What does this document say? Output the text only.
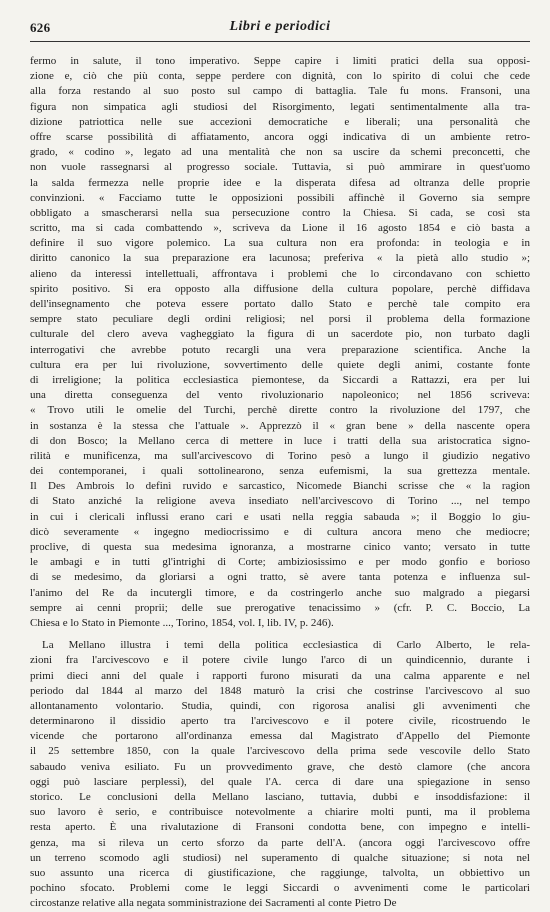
626	Libri e periodici
fermo in salute, il tono imperativo. Seppe capire i limiti pratici della sua opposi-
zione e, ciò che più conta, seppe perdere con dignità, con lo spirito di colui che cede
alla forza restando al suo posto sul campo di battaglia. Tale fu mons. Fransoni, una
figura non simpatica agli studiosi del Risorgimento, legati sentimentalmente alla tra-
dizione patriottica nelle sue accezioni democratiche e liberali; una personalità che
offre scarse possibilità di affiatamento, ancora oggi indicativa di un ambiente retro-
grado, « codino », legato ad una mentalità che non sa uscire da schemi preconcetti, che
non vuole rassegnarsi al progresso sociale. Tuttavia, si può ammirare in quest'uomo
la salda fermezza nelle proprie idee e la disperata difesa ad oltranza delle proprie
convinzioni. « Facciamo tutte le opposizioni possibili affinchè il Governo sia sempre
obbligato a smascherarsi nella sua persecuzione contro la Chiesa. Si cada, se così sta
scritto, ma si cada combattendo », scriveva da Lione il 16 agosto 1854 e ciò basta a
definire il suo vigore polemico. La sua cultura non era profonda: in teologia e in
diritto canonico la sua preparazione era lacunosa; preferiva « la pietà allo studio »;
alieno da interessi intellettuali, affrontava i problemi che lo circondavano con schietto
spirito positivo. Si era opposto alla diffusione della cultura popolare, perchè diffidava
dell'insegnamento che poteva essere portato dallo Stato e perchè tale compito era
sempre stato peculiare degli ordini religiosi; nel porsi il problema della formazione
culturale del clero aveva vagheggiato la figura di un sacerdote pio, non turbato dagli
interrogativi che avrebbe potuto recargli una vera preparazione scientifica. Anche la
cultura era per lui rivoluzione, sovvertimento delle quiete degli animi, costante fonte
di irreligione; la politica ecclesiastica piemontese, da Siccardi a Rattazzi, era per lui
una diretta conseguenza del vento rivoluzionario napoleonico; nel 1856 scriveva:
« Trovo utili le omelie del Turchi, perchè dirette contro la rivoluzione del 1797, che
in sostanza è la stessa che l'attuale ». Apprezzò il « gran bene » della nascente opera
di don Bosco; la Mellano cerca di mettere in luce i tratti della sua aristocratica signo-
rilità e munificenza, ma sull'arcivescovo di Torino pesò a lungo il giudizio negativo
dei contemporanei, i quali sottolinearono, senza eufemismi, la sua grettezza mentale.
Il Des Ambrois lo definì ruvido e sarcastico, Nicomede Bianchi scrisse che « la ragion
di Stato anziché la religione aveva insediato nell'arcivescovo di Torino ..., nel tempo
in cui i clericali influssi erano cari e usati nella reggia sabauda »; il Boggio lo giu-
dicò severamente « ingegno mediocrissimo e di cultura ancora meno che mediocre;
proclive, di questa sua medesima ignoranza, a mostrarne cinico vanto; versato in tutte
le ambagi e in tutti gl'intrighi di Corte; ambiziosissimo e per modo gonfio e borioso
di se medesimo, da gloriarsi a ogni tratto, sè avere tanta potenza e influenza sul-
l'animo del Re da incutergli timore, e da costringerlo anche suo malgrado a piegarsi
sempre ai cenni proprii; delle sue prerogative tenacissimo » (cfr. P. C. Boccio, La
Chiesa e lo Stato in Piemonte ..., Torino, 1854, vol. I, lib. IV, p. 246).
La Mellano illustra i temi della politica ecclesiastica di Carlo Alberto, le rela-
zioni fra l'arcivescovo e il potere civile lungo l'arco di un quindicennio, durante i
primi dieci anni del quale i rapporti furono misurati da una calma apparente e nel
periodo dal 1844 al marzo del 1848 maturò la crisi che costrinse l'arcivescovo al suo
allontanamento volontario. Studia, quindi, con rigorosa analisi gli avvenimenti che
determinarono il dissidio aperto tra l'arcivescovo e il potere civile, ricostruendo le
vicende che portarono all'ordinanza emessa dal Magistrato d'Appello del Piemonte
il 25 settembre 1850, con la quale l'arcivescovo della prima sede vescovile dello Stato
sabaudo veniva esiliato. Fu un provvedimento grave, che destò clamore (che ancora
oggi può lasciare perplessi), del quale l'A. cerca di dare una spiegazione in senso
storico. Le conclusioni della Mellano lasciano, tuttavia, dubbi e insoddisfazione: il
suo lavoro è serio, e contribuisce notevolmente a chiarire molti punti, ma il problema
resta aperto. È una rivalutazione di Fransoni condotta bene, con impegno e intelli-
genza, ma si rileva un certo sforzo da parte dell'A. (ancora oggi l'arcivescovo offre
un terreno scomodo agli studiosi) nel superamento di qualche situazione; si nota nel
suo assunto una ricerca di giustificazione, che raggiunge, talvolta, un obbiettivo un
pochino sfocato. Problemi come le leggi Siccardi o avvenimenti come le particolari
circostanze relative alla negata somministrazione dei Sacramenti al conte Pietro De
